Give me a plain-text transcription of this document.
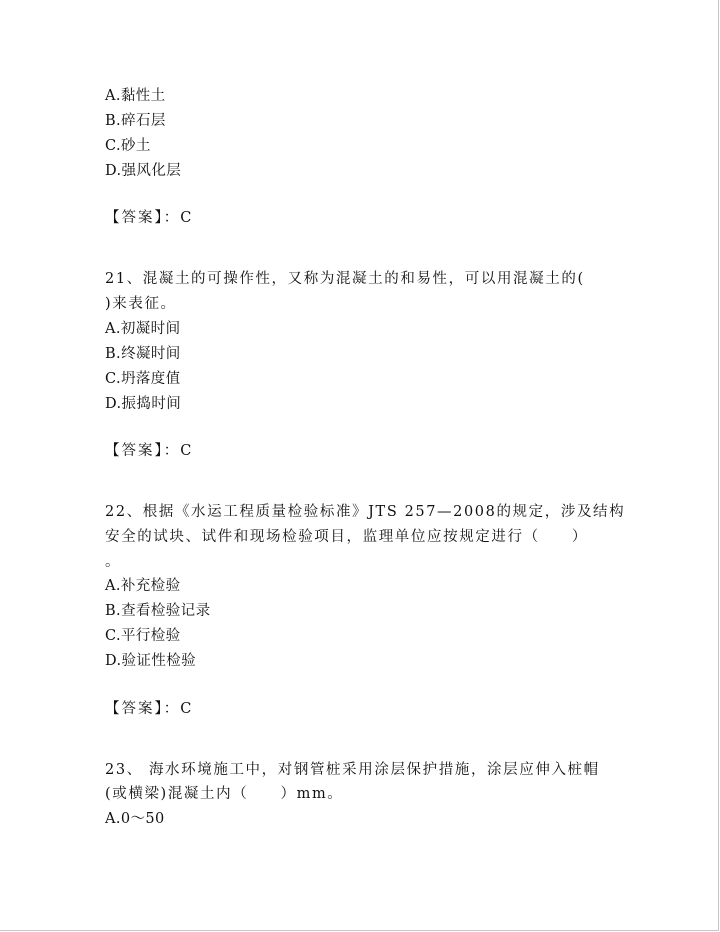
A.黏性土
B.碎石层
C.砂土
D.强风化层
【答案】：C
21、混凝土的可操作性，又称为混凝土的和易性，可以用混凝土的(
)来表征。
A.初凝时间
B.终凝时间
C.坍落度值
D.振捣时间
【答案】：C
22、根据《水运工程质量检验标准》JTS 257—2008的规定，涉及结构
安全的试块、试件和现场检验项目，监理单位应按规定进行（　　）
。
A.补充检验
B.查看检验记录
C.平行检验
D.验证性检验
【答案】：C
23、 海水环境施工中，对钢管桩采用涂层保护措施，涂层应伸入桩帽
(或横梁)混凝土内（　　）mm。
A.0～50
